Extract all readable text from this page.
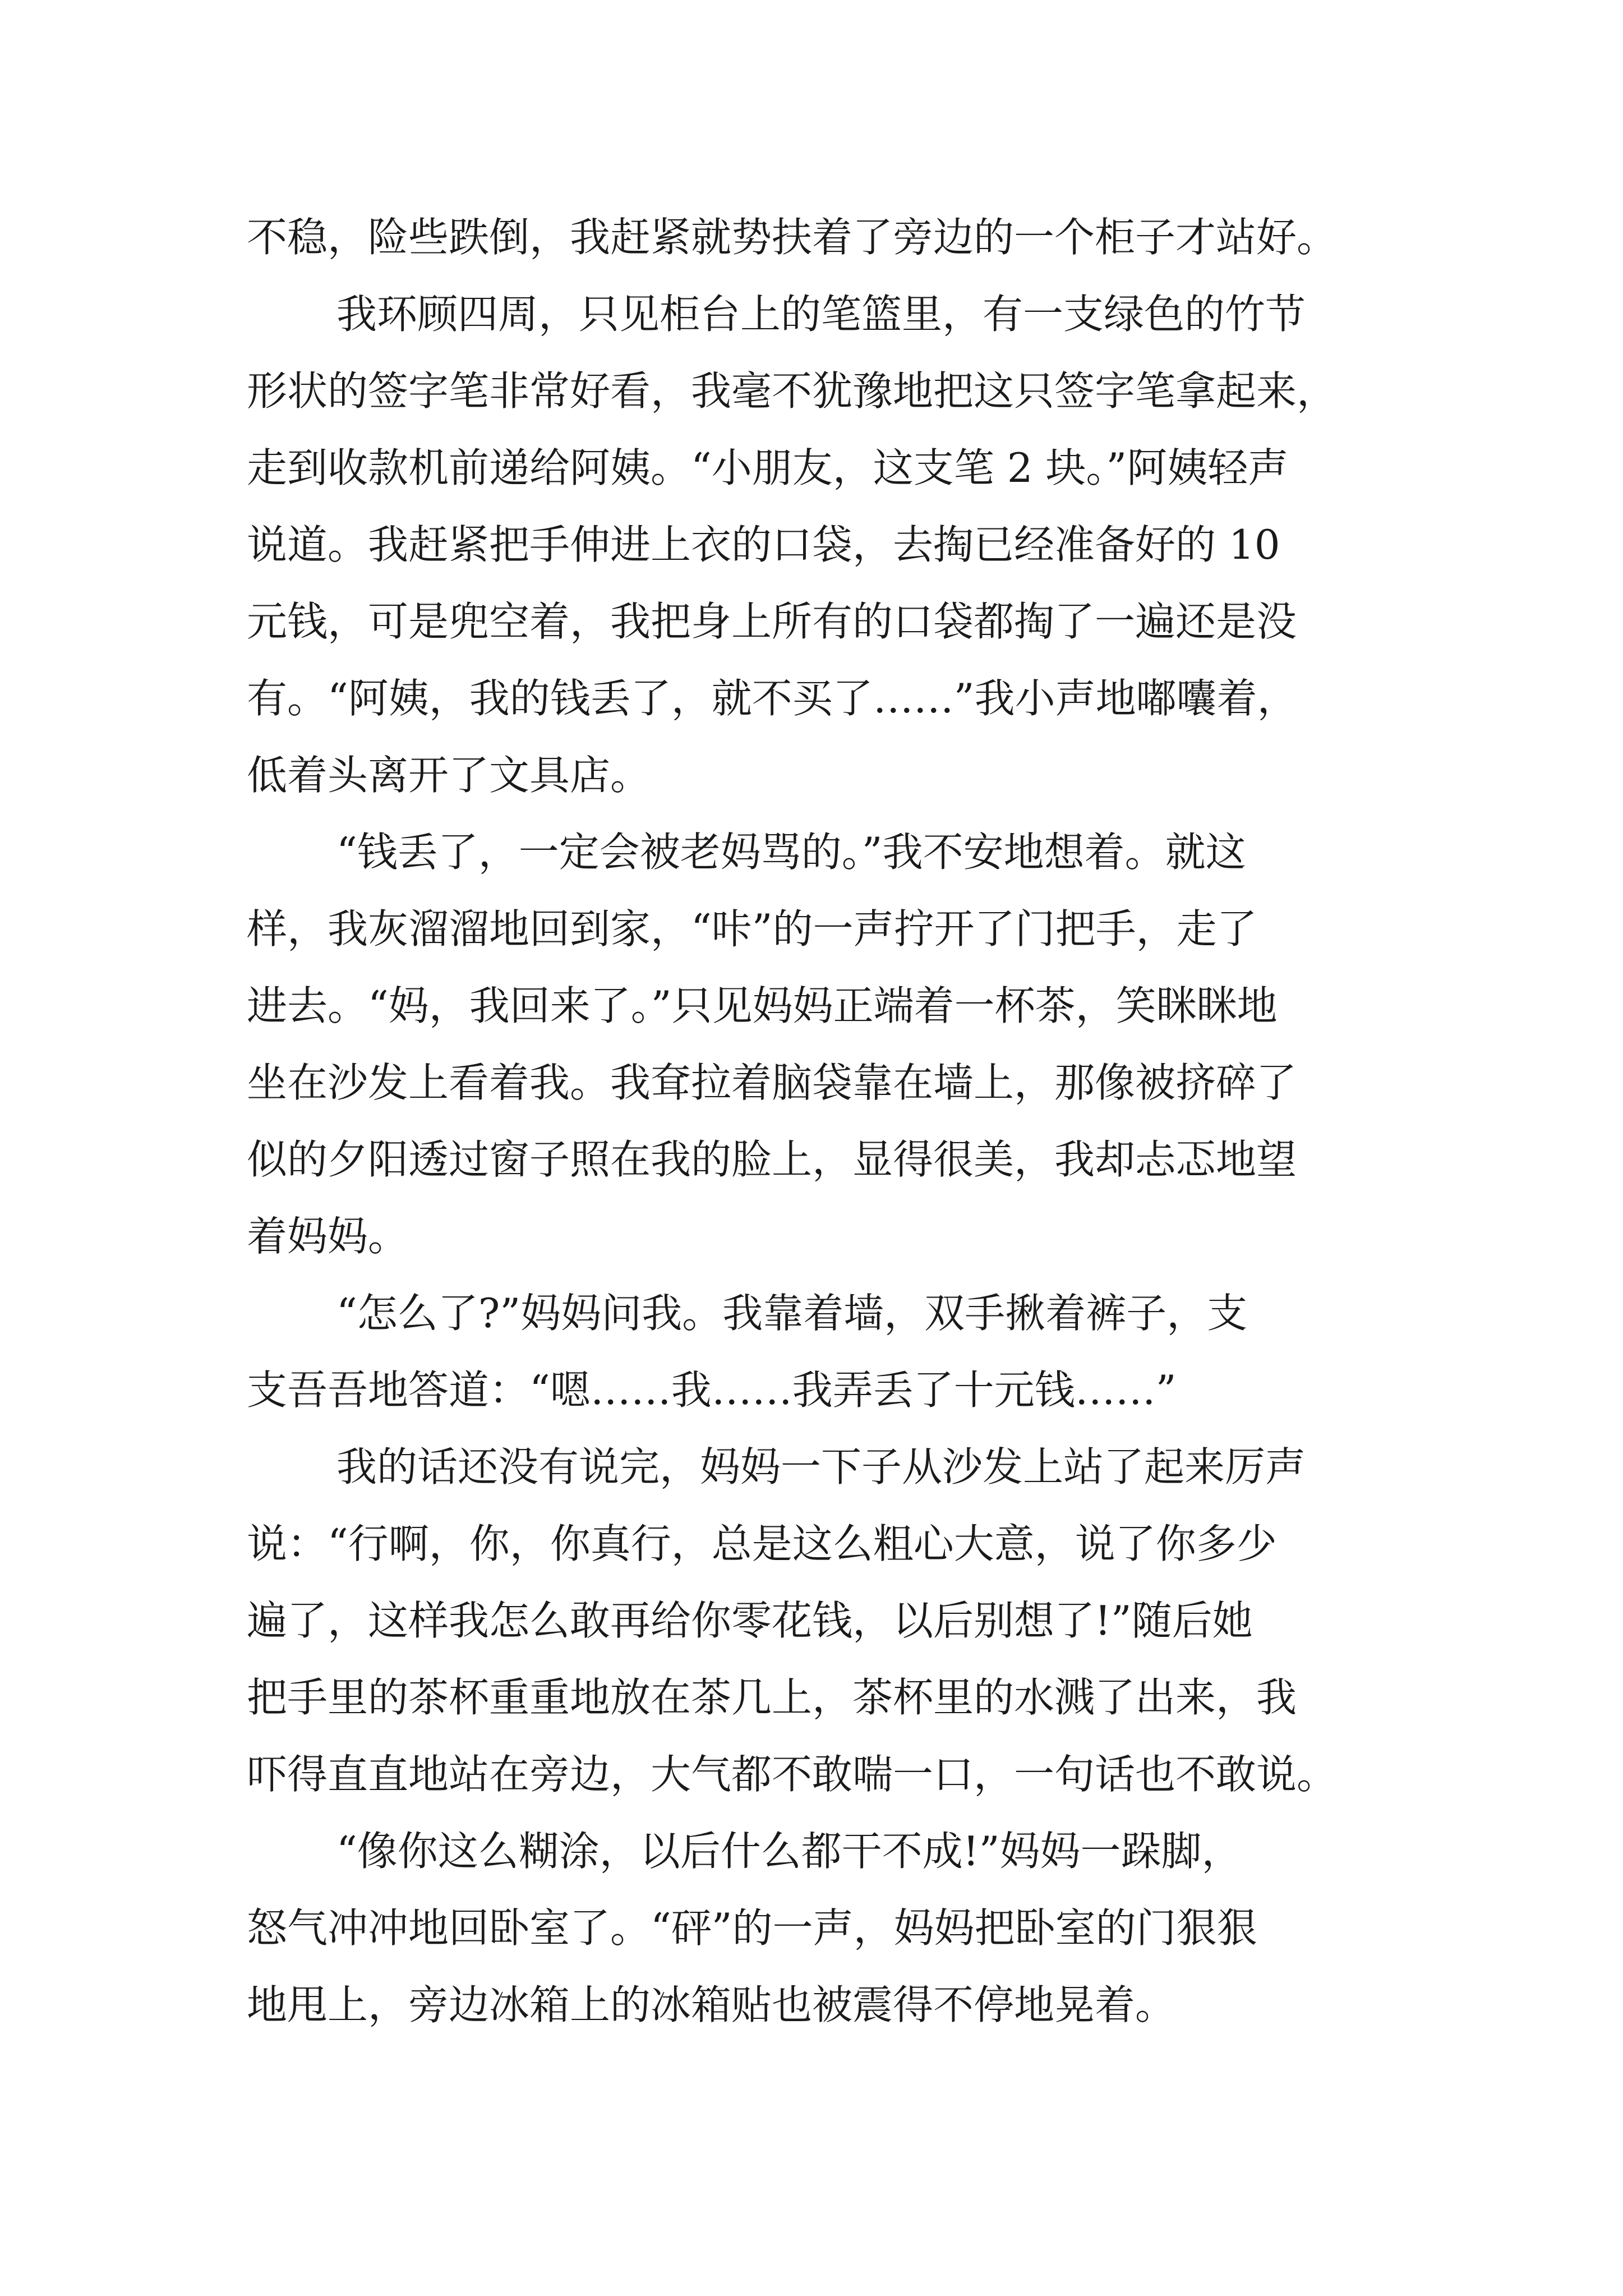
不稳，险些跌倒，我赶紧就势扶着了旁边的一个柜子才站好。
我环顾四周，只见柜台上的笔篮里，有一支绿色的竹节
形状的签字笔非常好看，我毫不犹豫地把这只签字笔拿起来，
走到收款机前递给阿姨。“小朋友，这支笔 2 块。”阿姨轻声
说道。我赶紧把手伸进上衣的口袋，去掏已经准备好的 10
元钱，可是兜空着，我把身上所有的口袋都掏了一遍还是没
有。“阿姨，我的钱丢了，就不买了……”我小声地嘟囔着，
低着头离开了文具店。
“钱丢了，一定会被老妈骂的。”我不安地想着。就这
样，我灰溜溜地回到家，“咔”的一声拧开了门把手，走了
进去。“妈，我回来了。”只见妈妈正端着一杯茶，笑眯眯地
坐在沙发上看着我。我耷拉着脑袋靠在墙上，那像被挤碎了
似的夕阳透过窗子照在我的脸上，显得很美，我却忐忑地望
着妈妈。
“怎么了?”妈妈问我。我靠着墙，双手揪着裤子，支
支吾吾地答道：“嗯……我……我弄丢了十元钱……”
我的话还没有说完，妈妈一下子从沙发上站了起来厉声
说：“行啊，你，你真行，总是这么粗心大意，说了你多少
遍了，这样我怎么敢再给你零花钱，以后别想了!”随后她
把手里的茶杯重重地放在茶几上，茶杯里的水溅了出来，我
吓得直直地站在旁边，大气都不敢喘一口，一句话也不敢说。
“像你这么糊涂，以后什么都干不成!”妈妈一跺脚，
怒气冲冲地回卧室了。“砰”的一声，妈妈把卧室的门狠狠
地甩上，旁边冰箱上的冰箱贴也被震得不停地晃着。
